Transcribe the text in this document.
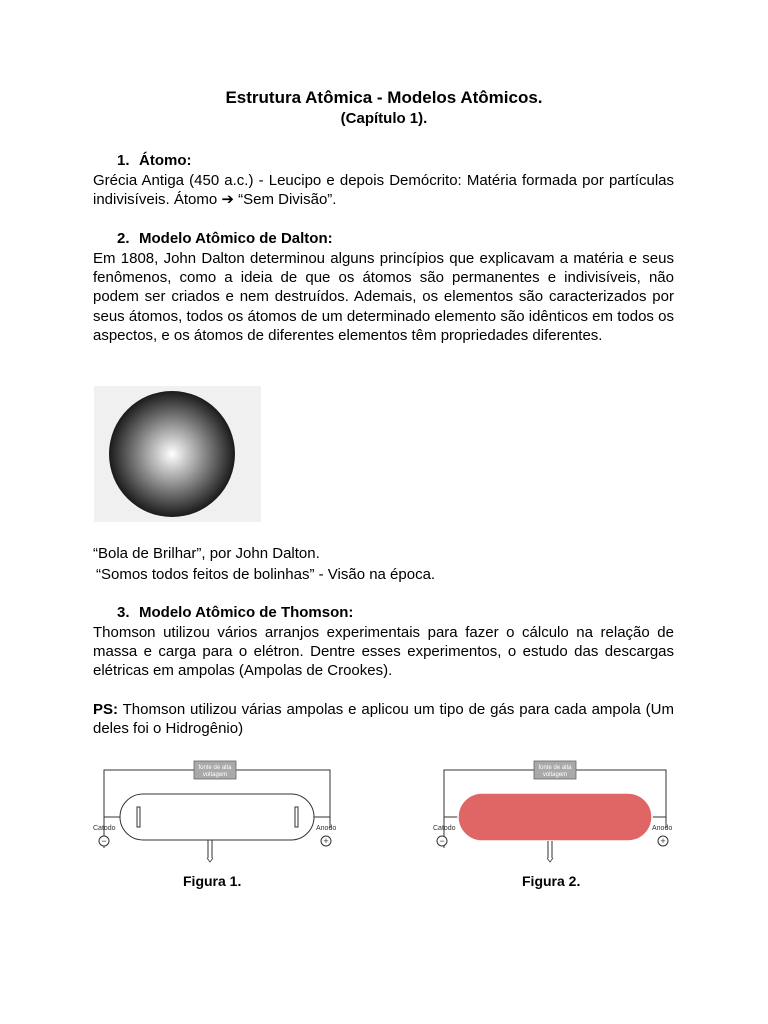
Estrutura Atômica - Modelos Atômicos.
(Capítulo 1).
1. Átomo:
Grécia Antiga (450 a.c.) - Leucipo e depois Demócrito: Matéria formada por partículas indivisíveis. Átomo ➔ “Sem Divisão”.
2. Modelo Atômico de Dalton:
Em 1808, John Dalton determinou alguns princípios que explicavam a matéria e seus fenômenos, como a ideia de que os átomos são permanentes e indivisíveis, não podem ser criados e nem destruídos. Ademais, os elementos são caracterizados por seus átomos, todos os átomos de um determinado elemento são idênticos em todos os aspectos, e os átomos de diferentes elementos têm propriedades diferentes.
“Bola de Brilhar”, por John Dalton.
“Somos todos feitos de bolinhas” - Visão na época.
3. Modelo Atômico de Thomson:
Thomson utilizou vários arranjos experimentais para fazer o cálculo na relação de massa e carga para o elétron. Dentre esses experimentos, o estudo das descargas elétricas em ampolas (Ampolas de Crookes).
PS: Thomson utilizou várias ampolas e aplicou um tipo de gás para cada ampola (Um deles foi o Hidrogênio)
fonte de alta
voltagem
Catodo	Anodo
−	+
Figura 1.
fonte de alta
voltagem
Catodo	Anodo
−	+
Figura 2.
